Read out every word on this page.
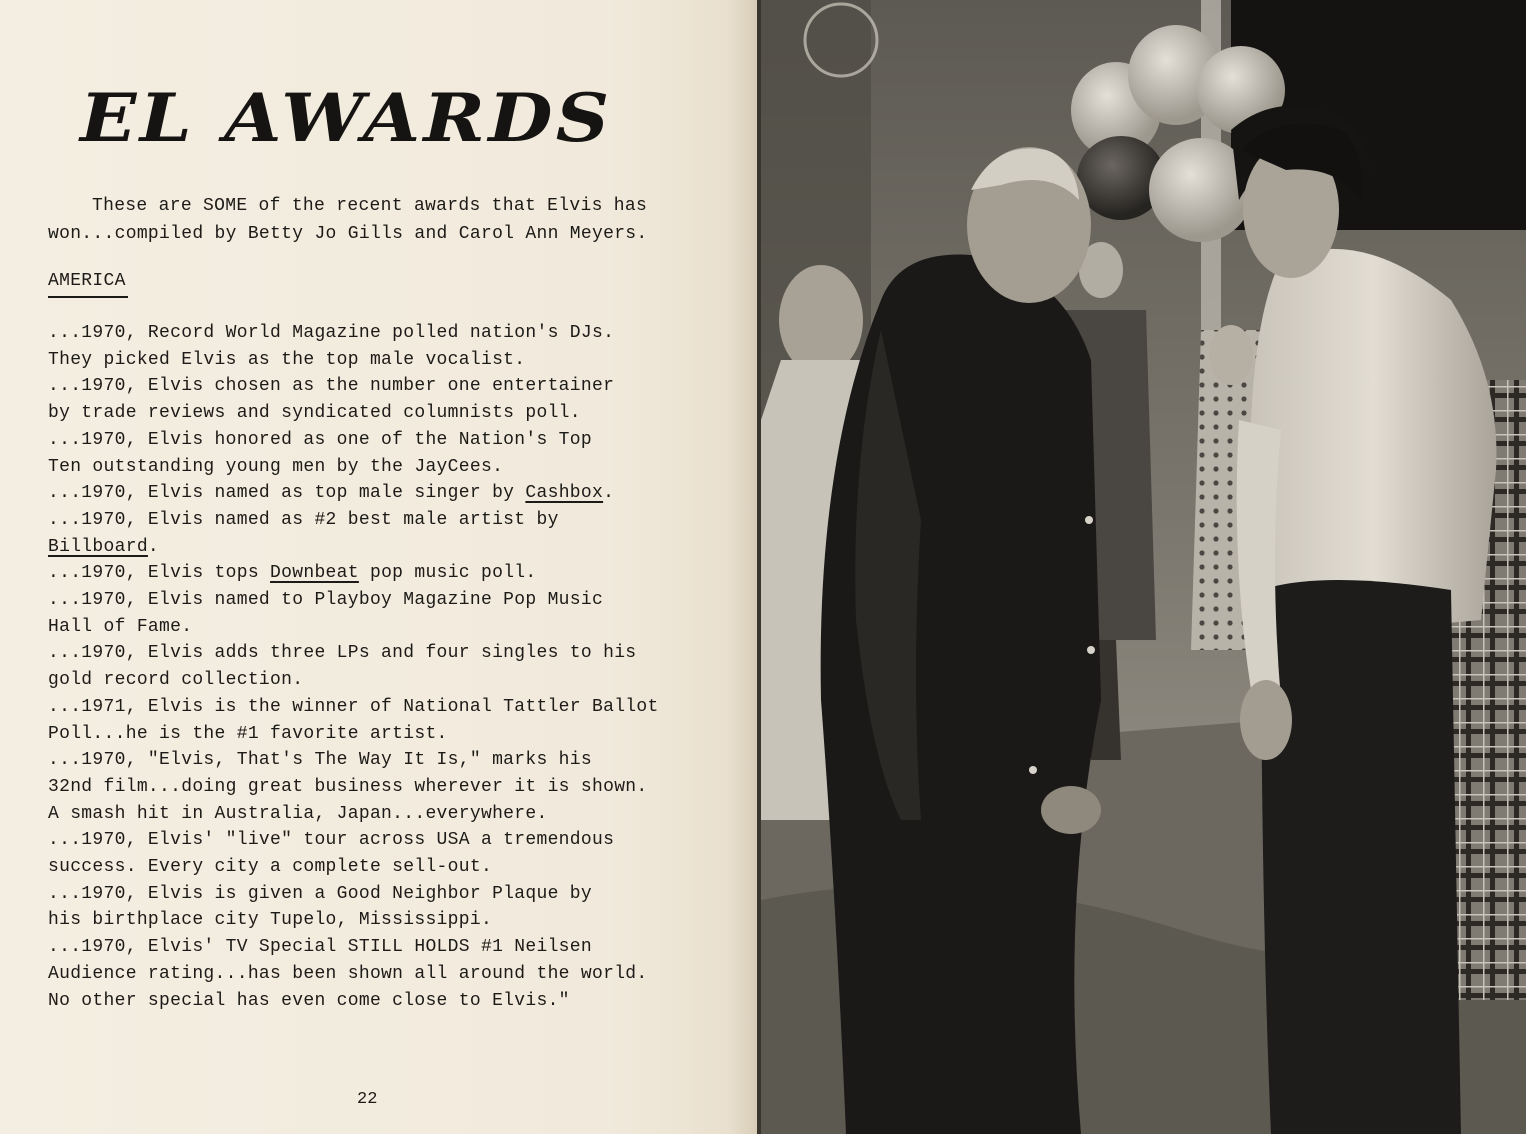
EL AWARDS

These are SOME of the recent awards that Elvis has won...compiled by Betty Jo Gills and Carol Ann Meyers.

AMERICA

...1970, Record World Magazine polled nation's DJs.

They picked Elvis as the top male vocalist.

...1970, Elvis chosen as the number one entertainer

by trade reviews and syndicated columnists poll.

...1970, Elvis honored as one of the Nation's Top

Ten outstanding young men by the JayCees.

...1970, Elvis named as top male singer by Cashbox.

...1970, Elvis named as #2 best male artist by

Billboard.

...1970, Elvis tops Downbeat pop music poll.

...1970, Elvis named to Playboy Magazine Pop Music

Hall of Fame.

...1970, Elvis adds three LPs and four singles to his

gold record collection.

...1971, Elvis is the winner of National Tattler Ballot

Poll...he is the #1 favorite artist.

...1970, "Elvis, That's The Way It Is," marks his

32nd film...doing great business wherever it is shown.

A smash hit in Australia, Japan...everywhere.

...1970, Elvis' "live" tour across USA a tremendous

success. Every city a complete sell-out.

...1970, Elvis is given a Good Neighbor Plaque by

his birthplace city Tupelo, Mississippi.

...1970, Elvis' TV Special STILL HOLDS #1 Neilsen

Audience rating...has been shown all around the world.

No other special has even come close to Elvis."

22
